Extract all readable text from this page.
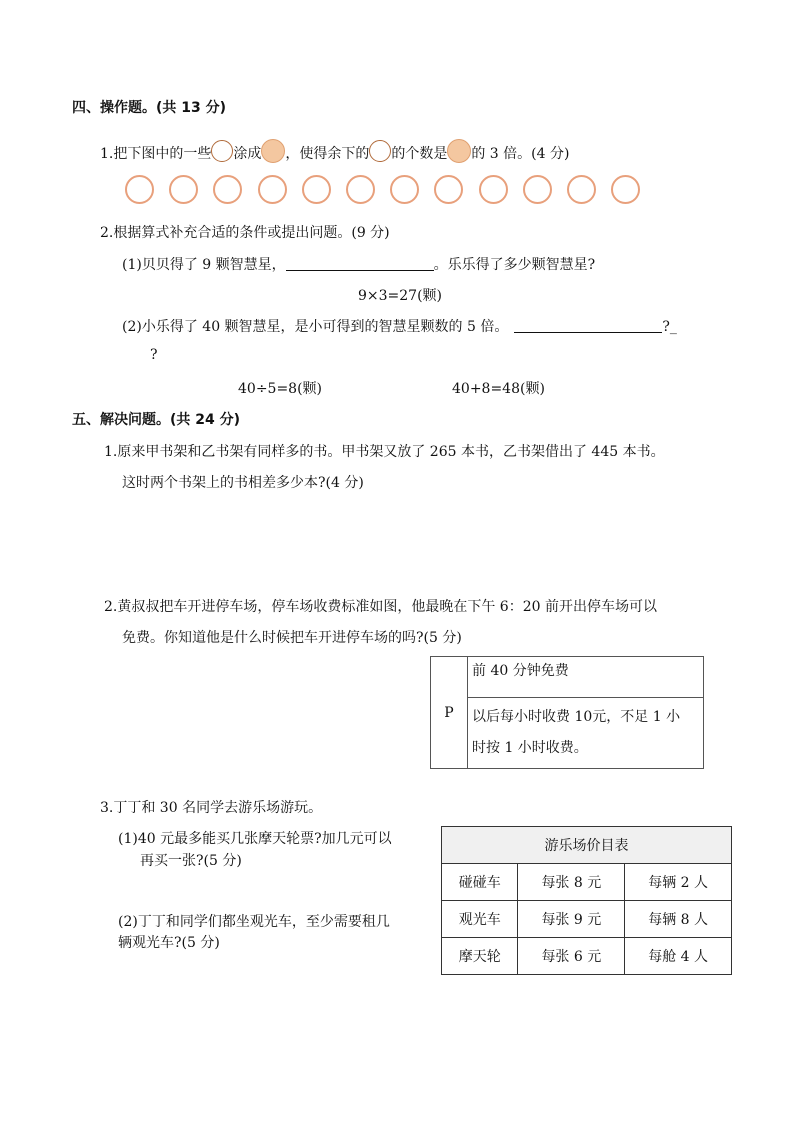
四、操作题。(共 13 分)
1.把下图中的一些 涂成 ，使得余下的 的个数是 的 3 倍。(4 分)
2.根据算式补充合适的条件或提出问题。(9 分)
(1)贝贝得了 9 颗智慧星，	。乐乐得了多少颗智慧星?
9×3=27(颗)
(2)小乐得了 40 颗智慧星，是小可得到的智慧星颗数的 5 倍。	?_
?
40÷5=8(颗)	40+8=48(颗)
五、解决问题。(共 24 分)
1.原来甲书架和乙书架有同样多的书。甲书架又放了 265 本书，乙书架借出了 445 本书。
这时两个书架上的书相差多少本?(4 分)
2.黄叔叔把车开进停车场，停车场收费标准如图，他最晚在下午 6：20 前开出停车场可以
免费。你知道他是什么时候把车开进停车场的吗?(5 分)
P	前 40 分钟免费

以后每小时收费 10元，不足 1 小
时按 1 小时收费。
3.丁丁和 30 名同学去游乐场游玩。
(1)40 元最多能买几张摩天轮票?加几元可以
再买一张?(5 分)
(2)丁丁和同学们都坐观光车，至少需要租几
辆观光车?(5 分)
游乐场价目表		
碰碰车	每张 8 元	每辆 2 人
观光车	每张 9 元	每辆 8 人
摩天轮	每张 6 元	每舱 4 人
